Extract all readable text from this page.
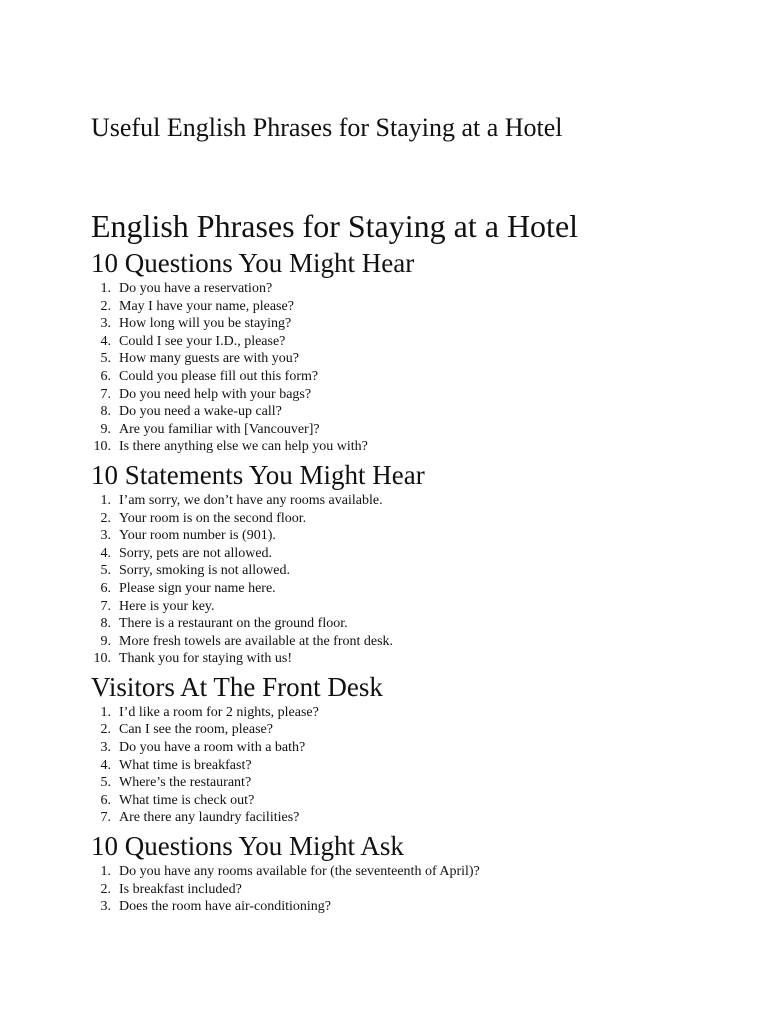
Useful English Phrases for Staying at a Hotel
English Phrases for Staying at a Hotel
10 Questions You Might Hear
1. Do you have a reservation?
2. May I have your name, please?
3. How long will you be staying?
4. Could I see your I.D., please?
5. How many guests are with you?
6. Could you please fill out this form?
7. Do you need help with your bags?
8. Do you need a wake-up call?
9. Are you familiar with [Vancouver]?
10. Is there anything else we can help you with?
10 Statements You Might Hear
1. I’am sorry, we don’t have any rooms available.
2. Your room is on the second floor.
3. Your room number is (901).
4. Sorry, pets are not allowed.
5. Sorry, smoking is not allowed.
6. Please sign your name here.
7. Here is your key.
8. There is a restaurant on the ground floor.
9. More fresh towels are available at the front desk.
10. Thank you for staying with us!
Visitors At The Front Desk
1. I’d like a room for 2 nights, please?
2. Can I see the room, please?
3. Do you have a room with a bath?
4. What time is breakfast?
5. Where’s the restaurant?
6. What time is check out?
7. Are there any laundry facilities?
10 Questions You Might Ask
1. Do you have any rooms available for (the seventeenth of April)?
2. Is breakfast included?
3. Does the room have air-conditioning?
